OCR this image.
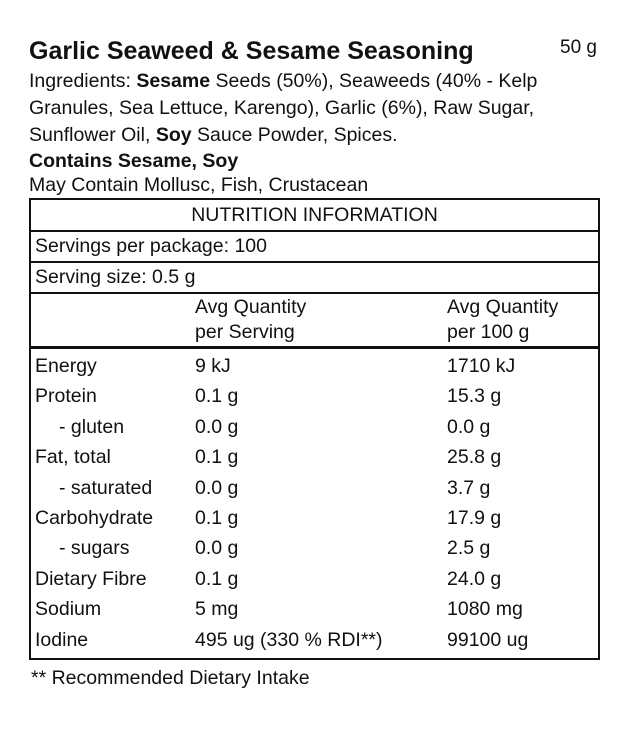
Garlic Seaweed & Sesame Seasoning	50 g
Ingredients: Sesame Seeds (50%), Seaweeds (40% - Kelp Granules, Sea Lettuce, Karengo), Garlic (6%), Raw Sugar, Sunflower Oil, Soy Sauce Powder, Spices.
Contains Sesame, Soy
May Contain Mollusc, Fish, Crustacean
NUTRITION INFORMATION
Servings per package: 100
Serving size: 0.5 g
Avg Quantity
per Serving
Avg Quantity
per 100 g
Energy	9 kJ	1710 kJ
Protein	0.1 g	15.3 g
- gluten	0.0 g	0.0 g
Fat, total	0.1 g	25.8 g
- saturated 0.0 g	3.7 g
Carbohydrate 0.1 g	17.9 g
- sugars	0.0 g	2.5 g
Dietary Fibre 0.1 g	24.0 g
Sodium	5 mg	1080 mg
Iodine	495 ug (330 % RDI**)	99100 ug
** Recommended Dietary Intake
